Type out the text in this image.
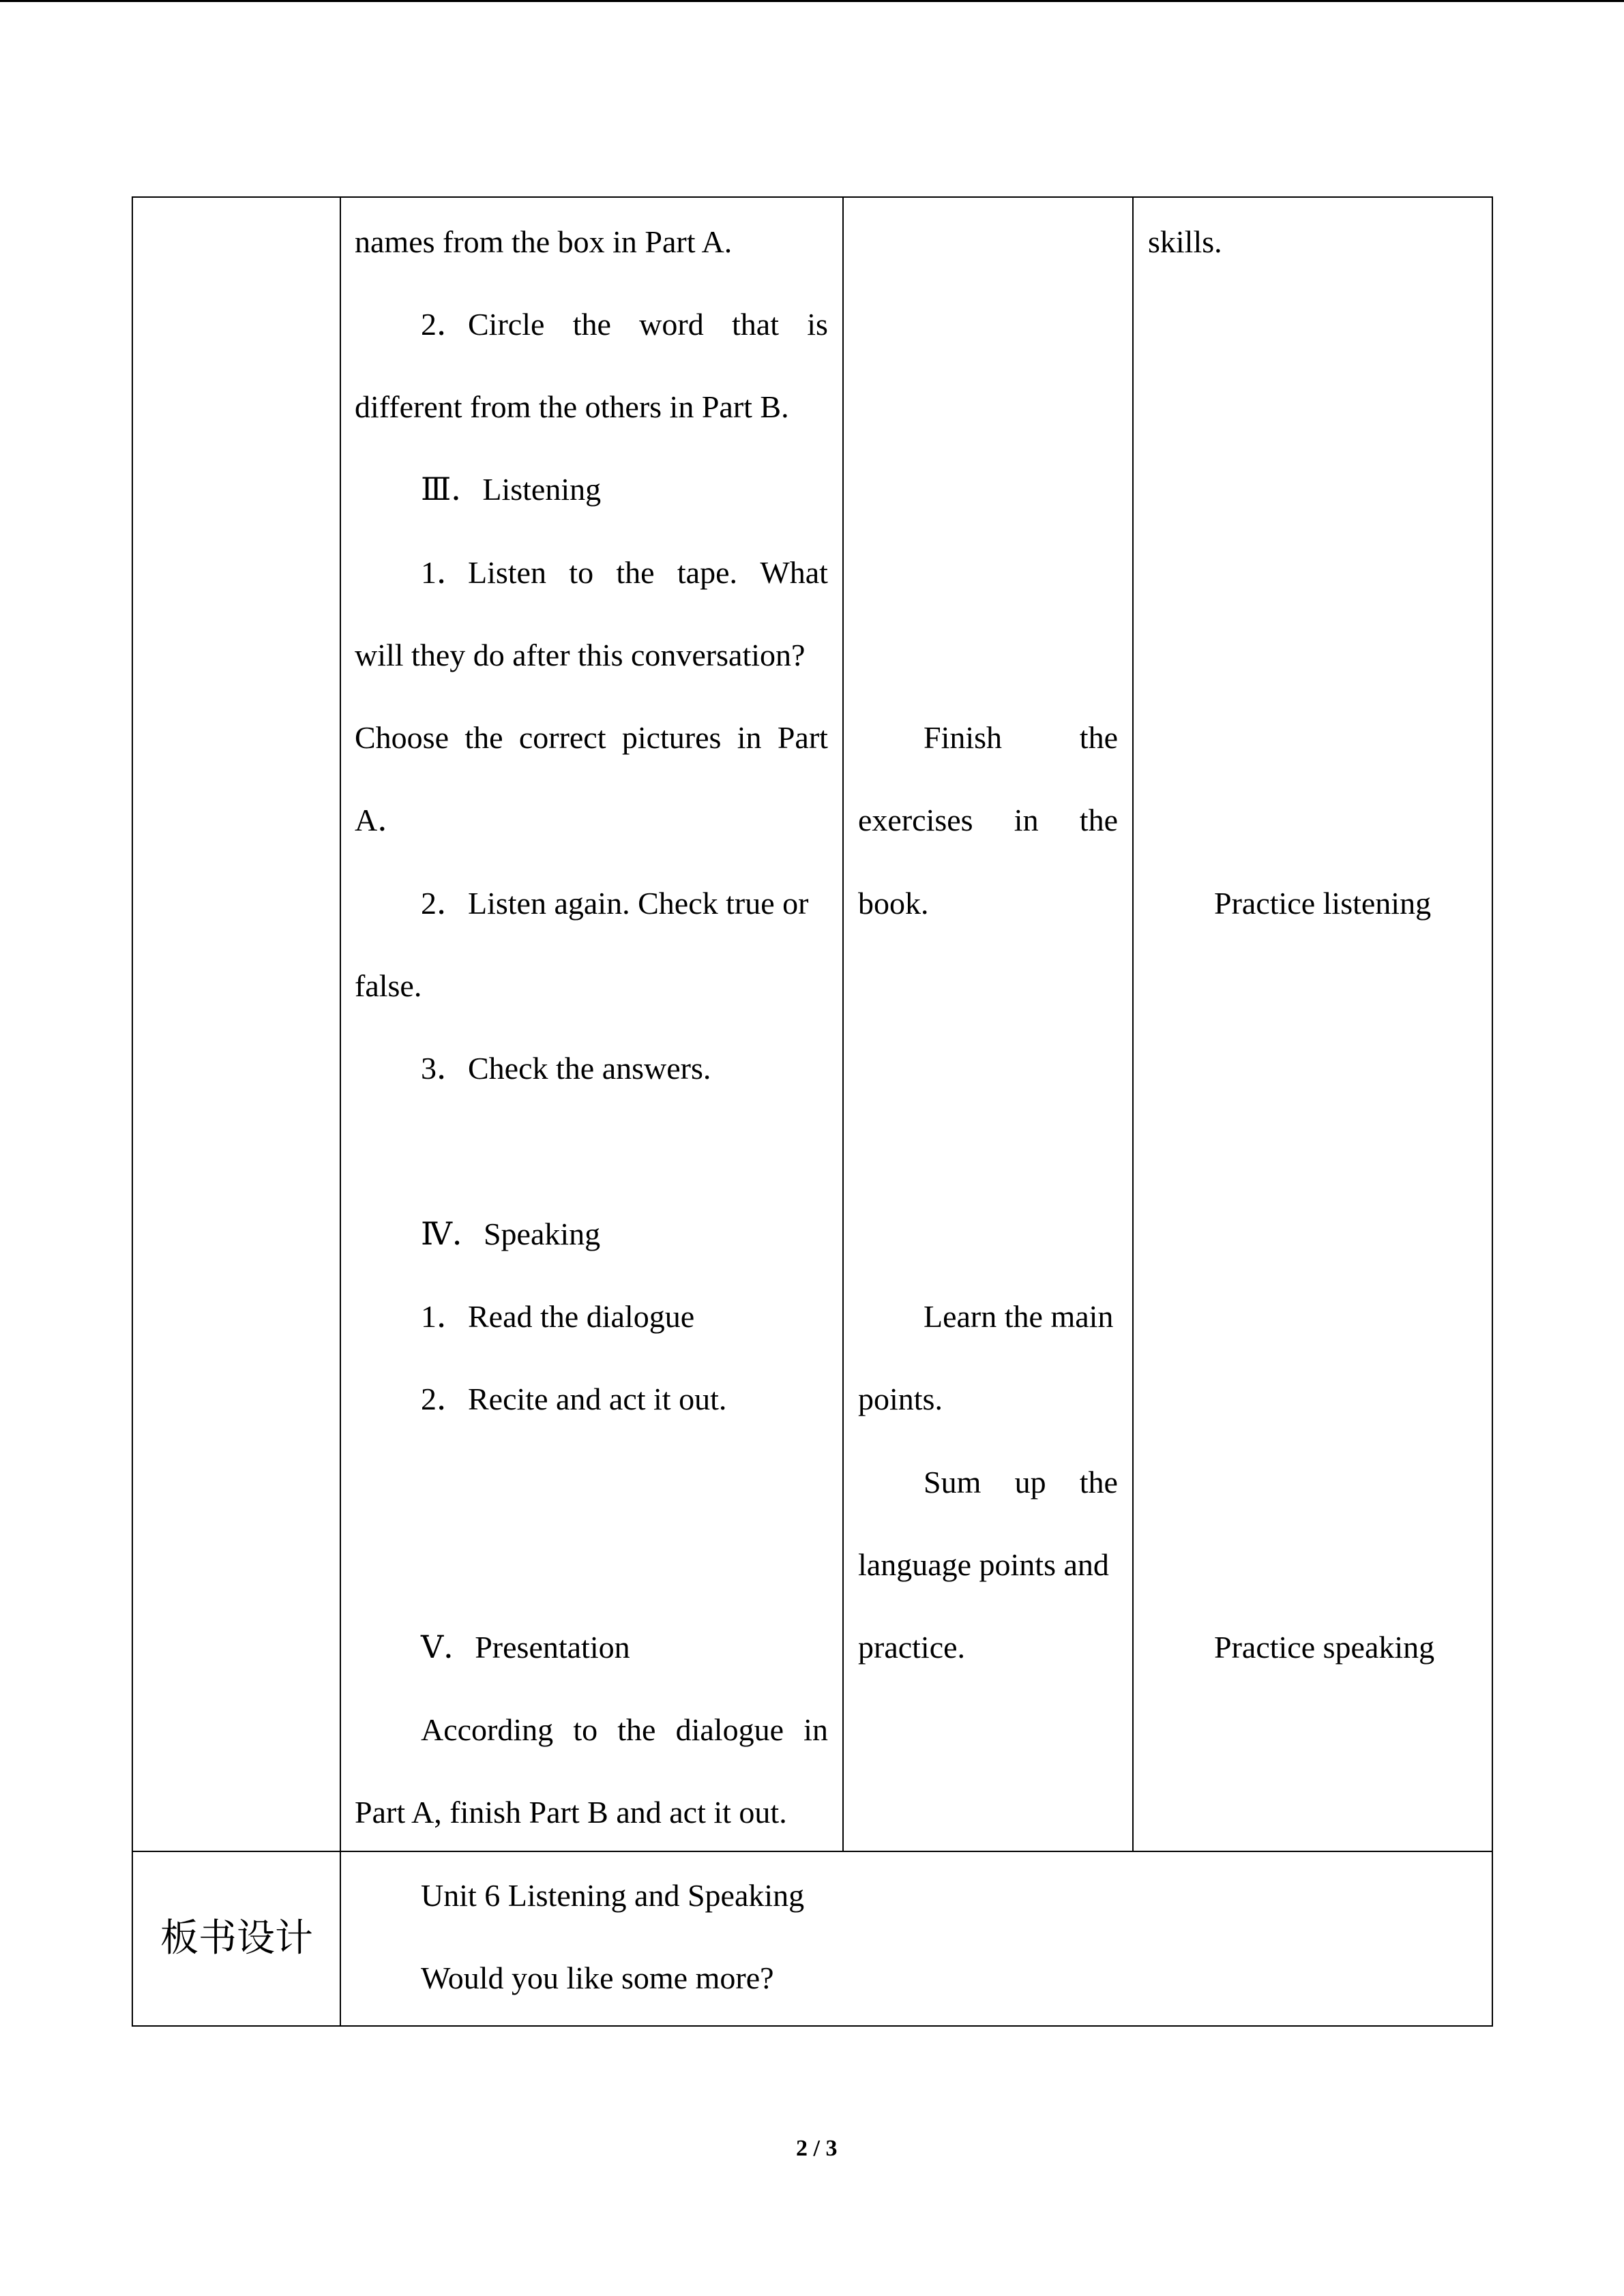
names from the box in Part A.
2．Circle the word that is
different from the others in Part B.
Ⅲ．Listening
1．Listen to the tape. What
will they do after this conversation?
Choose the correct pictures in Part
A．
2．Listen again. Check true or
false.
3．Check the answers.
Ⅳ．Speaking
1．Read the dialogue
2．Recite and act it out.
Ⅴ．Presentation
According to the dialogue in
Part A, finish Part B and act it out.
Finish the
exercises in the
book.
Learn the main
points.
Sum up the
language points and
practice.
skills.
Practice listening
Practice speaking
板书设计
Unit 6 Listening and Speaking
Would you like some more?
2 / 3
